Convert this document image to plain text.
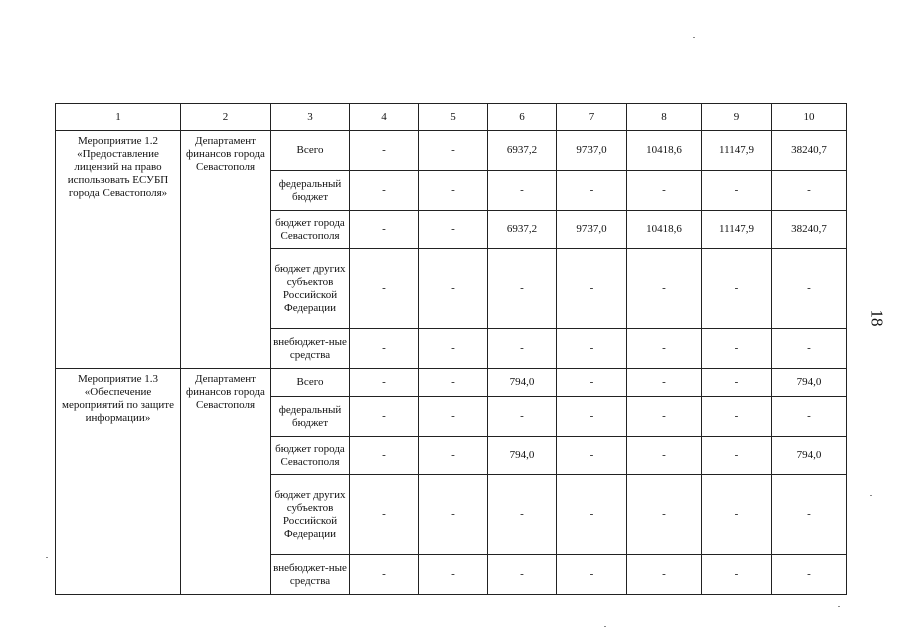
1	2	3	4	5	6	7	8	9	10
Мероприятие 1.2 «Предоставление лицензий на право использовать ЕСУБП города Севастополя»	Департамент финансов города Севастополя	Всего	-	-	6937,2	9737,0	10418,6	11147,9	38240,7
		федеральный бюджет	-	-	-	-	-	-	-
		бюджет города Севастополя	-	-	6937,2	9737,0	10418,6	11147,9	38240,7
		бюджет других субъектов Российской Федерации	-	-	-	-	-	-	-
		внебюджет-ные средства	-	-	-	-	-	-	-
Мероприятие 1.3 «Обеспечение мероприятий по защите информации»	Департамент финансов города Севастополя	Всего	-	-	794,0	-	-	-	794,0
		федеральный бюджет	-	-	-	-	-	-	-
		бюджет города Севастополя	-	-	794,0	-	-	-	794,0
		бюджет других субъектов Российской Федерации	-	-	-	-	-	-	-
		внебюджет-ные средства	-	-	-	-	-	-	-
18
